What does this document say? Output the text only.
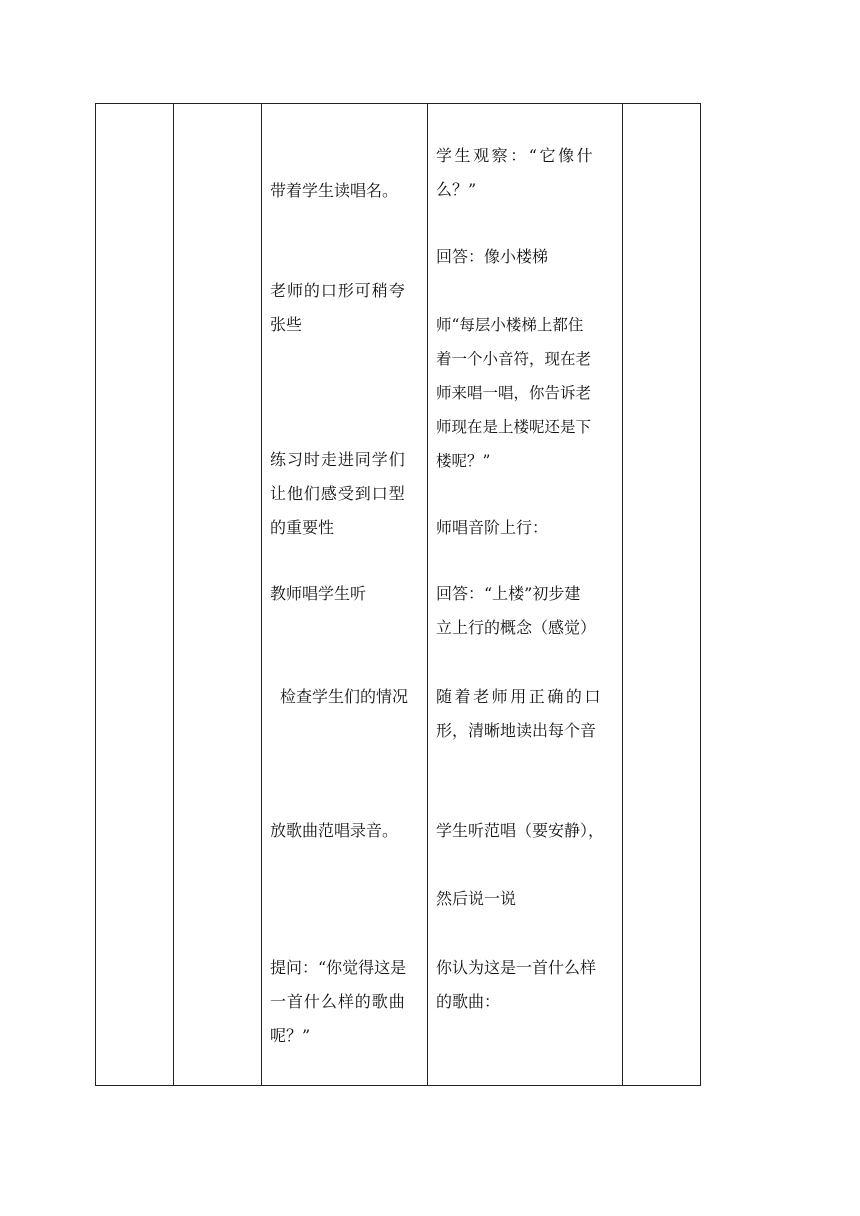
带着学生读唱名。
老师的口形可稍夸
张些
练习时走进同学们
让他们感受到口型
的重要性
教师唱学生听
检查学生们的情况
放歌曲范唱录音。
提问：“你觉得这是
一首什么样的歌曲
呢？”
学生观察：“它像什
么？”
回答：像小楼梯
师“每层小楼梯上都住
着一个小音符，现在老
师来唱一唱，你告诉老
师现在是上楼呢还是下
楼呢？”
师唱音阶上行：
回答：“上楼”初步建
立上行的概念（感觉）
随着老师用正确的口
形，清晰地读出每个音
学生听范唱（要安静），
然后说一说
你认为这是一首什么样
的歌曲：
